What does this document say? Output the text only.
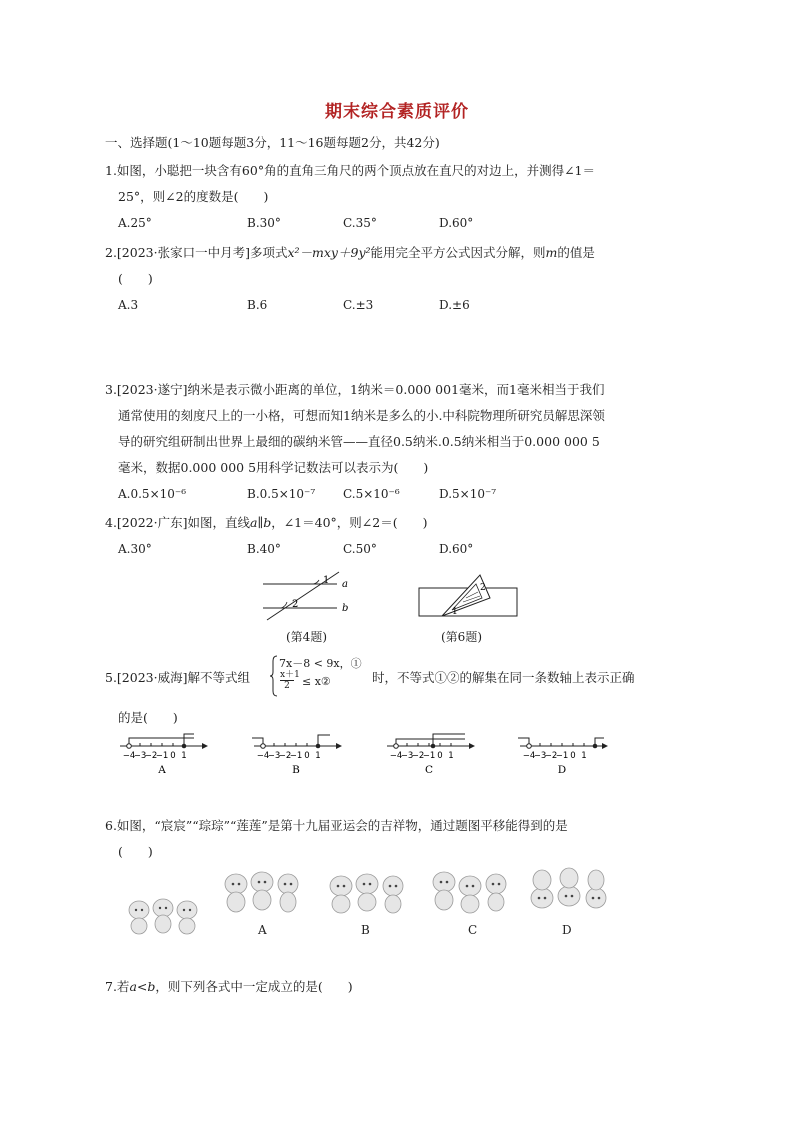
期末综合素质评价
一、选择题(1～10题每题3分，11～16题每题2分，共42分)
1.如图，小聪把一块含有60°角的直角三角尺的两个顶点放在直尺的对边上，并测得∠1＝
25°，则∠2的度数是(　　)
A.25°	B.30°	C.35°	D.60°
2.[2023·张家口一中月考]多项式x²－mxy＋9y²能用完全平方公式因式分解，则m的值是
(　　)
A.3	B.6	C.±3	D.±6
3.[2023·遂宁]纳米是表示微小距离的单位，1纳米＝0.000 001毫米，而1毫米相当于我们
通常使用的刻度尺上的一小格，可想而知1纳米是多么的小.中科院物理所研究员解思深领
导的研究组研制出世界上最细的碳纳米管——直径0.5纳米.0.5纳米相当于0.000 000 5
毫米，数据0.000 000 5用科学记数法可以表示为(　　)
A.0.5×10⁻⁶	B.0.5×10⁻⁷ C.5×10⁻⁶	D.5×10⁻⁷
4.[2022·广东]如图，直线a∥b，∠1＝40°，则∠2＝(　　)
A.30°	B.40°	C.50°	D.60°
1
2
a
b
(第4题)
2
1
(第6题)
5.[2023·威海]解不等式组
7x－8 < 9x，①
$\frac{x+1}{2}$ ≤ x②	时，不等式①②的解集在同一条数轴上表示正确
的是(　　)
−4
−3
−2
−1 0 1
A
−4
−3
−2
−1 0 1
B
−4
−3
−2
−1 0 1
C
−4
−3
−2
−1 0 1
D
6.如图，“宸宸”“琮琮”“莲莲”是第十九届亚运会的吉祥物，通过题图平移能得到的是
(　　)
A	B	C	D
7.若a<b，则下列各式中一定成立的是(　　)
